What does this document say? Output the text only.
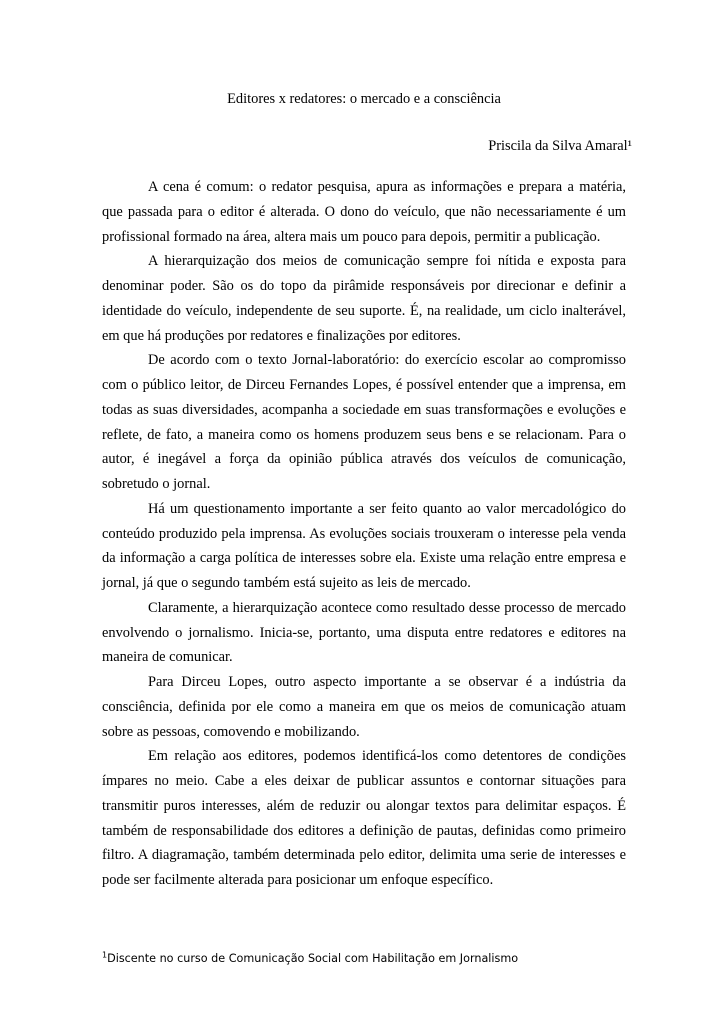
Editores x redatores: o mercado e a consciência
Priscila da Silva Amaral¹

A cena é comum: o redator pesquisa, apura as informações e prepara a matéria, que passada para o editor é alterada. O dono do veículo, que não necessariamente é um profissional formado na área, altera mais um pouco para depois, permitir a publicação.

A hierarquização dos meios de comunicação sempre foi nítida e exposta para denominar poder. São os do topo da pirâmide responsáveis por direcionar e definir a identidade do veículo, independente de seu suporte. É, na realidade, um ciclo inalterável, em que há produções por redatores e finalizações por editores.

De acordo com o texto Jornal-laboratório: do exercício escolar ao compromisso com o público leitor, de Dirceu Fernandes Lopes, é possível entender que a imprensa, em todas as suas diversidades, acompanha a sociedade em suas transformações e evoluções e reflete, de fato, a maneira como os homens produzem seus bens e se relacionam. Para o autor, é inegável a força da opinião pública através dos veículos de comunicação, sobretudo o jornal.

Há um questionamento importante a ser feito quanto ao valor mercadológico do conteúdo produzido pela imprensa. As evoluções sociais trouxeram o interesse pela venda da informação a carga política de interesses sobre ela. Existe uma relação entre empresa e jornal, já que o segundo também está sujeito as leis de mercado.

Claramente, a hierarquização acontece como resultado desse processo de mercado envolvendo o jornalismo. Inicia-se, portanto, uma disputa entre redatores e editores na maneira de comunicar.

Para Dirceu Lopes, outro aspecto importante a se observar é a indústria da consciência, definida por ele como a maneira em que os meios de comunicação atuam sobre as pessoas, comovendo e mobilizando.

Em relação aos editores, podemos identificá-los como detentores de condições ímpares no meio. Cabe a eles deixar de publicar assuntos e contornar situações para transmitir puros interesses, além de reduzir ou alongar textos para delimitar espaços. É também de responsabilidade dos editores a definição de pautas, definidas como primeiro filtro. A diagramação, também determinada pelo editor, delimita uma serie de interesses e pode ser facilmente alterada para posicionar um enfoque específico.

$^1$Discente no curso de Comunicação Social com Habilitação em Jornalismo
